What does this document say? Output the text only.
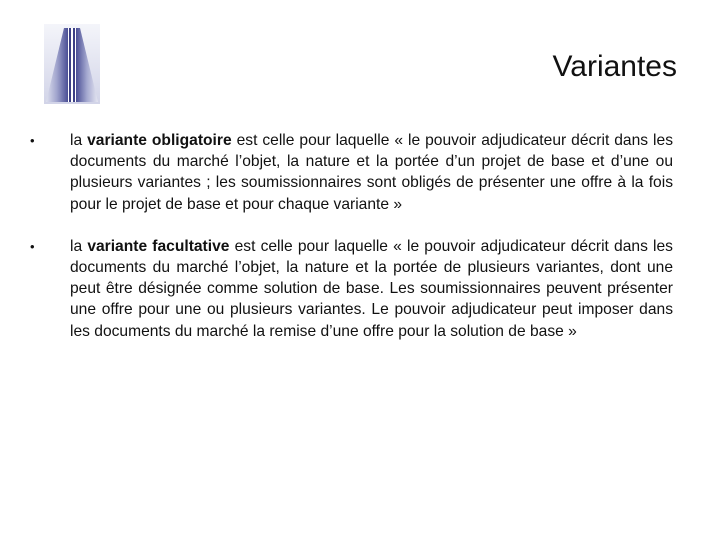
Variantes
•	la variante obligatoire est celle pour laquelle « le pouvoir adjudicateur décrit dans les documents du marché l’objet, la nature et la portée d’un projet de base et d’une ou plusieurs variantes ; les soumissionnaires sont obligés de présenter une offre à la fois pour le projet de base et pour chaque variante »
•	la variante facultative est celle pour laquelle « le pouvoir adjudicateur décrit dans les documents du marché l’objet, la nature et la portée de plusieurs variantes, dont une peut être désignée comme solution de base. Les soumissionnaires peuvent présenter une offre pour une ou plusieurs variantes. Le pouvoir adjudicateur peut imposer dans les documents du marché la remise d’une offre pour la solution de base »
